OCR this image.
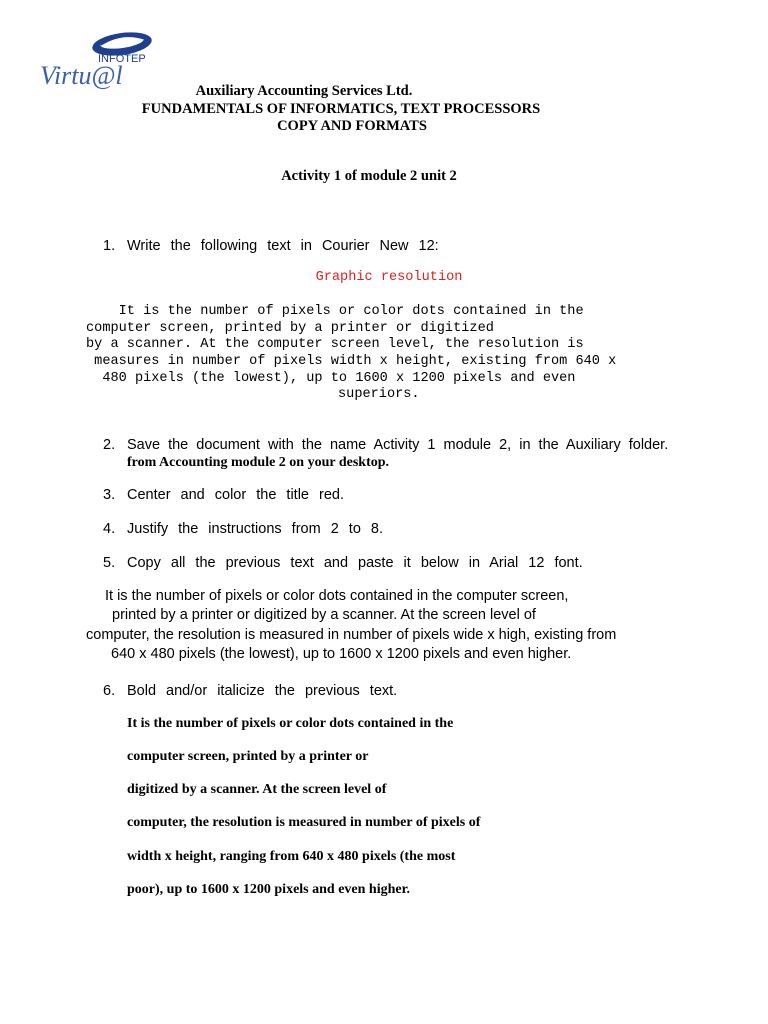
INFOTEP
Virtu@l
Auxiliary Accounting Services Ltd.
FUNDAMENTALS OF INFORMATICS, TEXT PROCESSORS
COPY AND FORMATS
Activity 1 of module 2 unit 2
1. Write the following text in Courier New 12:
Graphic resolution
It is the number of pixels or color dots contained in the
computer screen, printed by a printer or digitized
by a scanner. At the computer screen level, the resolution is
measures in number of pixels width x height, existing from 640 x
480 pixels (the lowest), up to 1600 x 1200 pixels and even
superiors.
2. Save the document with the name Activity 1 module 2, in the Auxiliary folder.
from Accounting module 2 on your desktop.
3. Center and color the title red.
4. Justify the instructions from 2 to 8.
5. Copy all the previous text and paste it below in Arial 12 font.
It is the number of pixels or color dots contained in the computer screen,
printed by a printer or digitized by a scanner. At the screen level of
computer, the resolution is measured in number of pixels wide x high, existing from
640 x 480 pixels (the lowest), up to 1600 x 1200 pixels and even higher.
6. Bold and/or italicize the previous text.
It is the number of pixels or color dots contained in the
computer screen, printed by a printer or
digitized by a scanner. At the screen level of
computer, the resolution is measured in number of pixels of
width x height, ranging from 640 x 480 pixels (the most
poor), up to 1600 x 1200 pixels and even higher.
